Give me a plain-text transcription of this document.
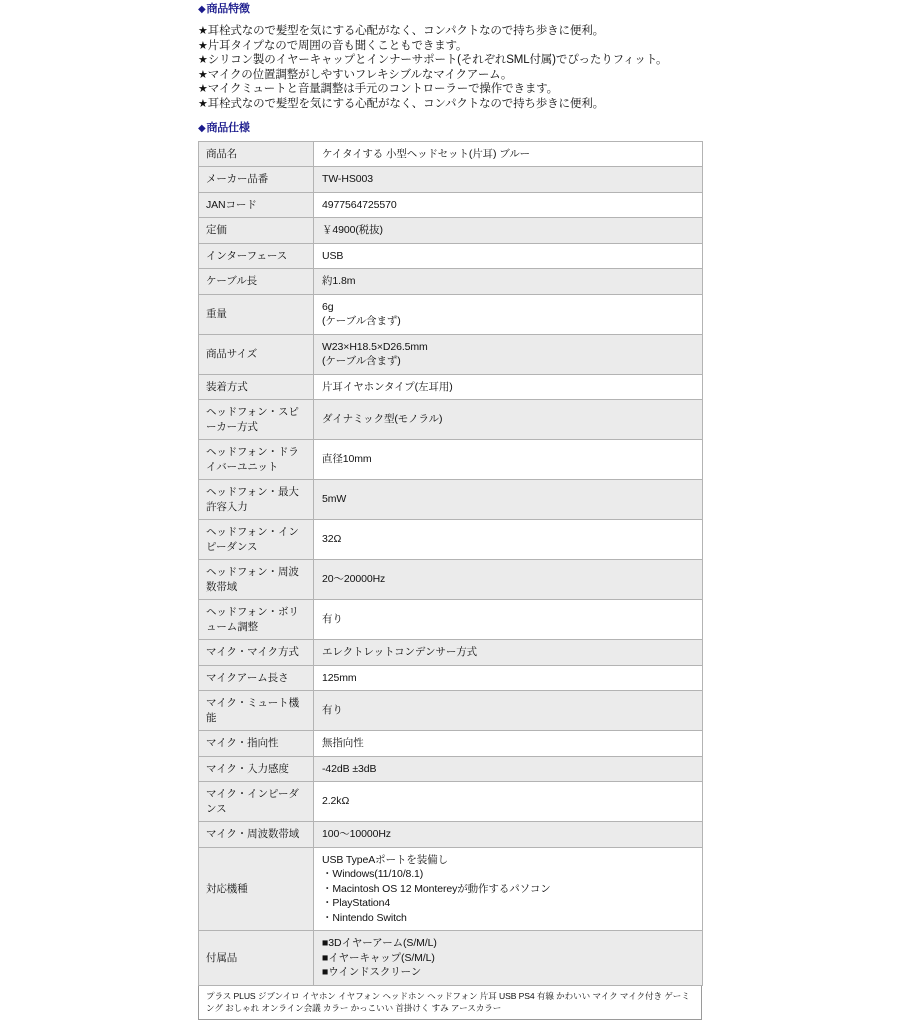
◆商品特徴
★耳栓式なので髪型を気にする心配がなく、コンパクトなので持ち歩きに便利。
★片耳タイプなので周囲の音も聞くこともできます。
★シリコン製のイヤーキャップとインナーサポート(それぞれSML付属)でぴったりフィット。
★マイクの位置調整がしやすいフレキシブルなマイクアーム。
★マイクミュートと音量調整は手元のコントローラーで操作できます。
★耳栓式なので髪型を気にする心配がなく、コンパクトなので持ち歩きに便利。
◆商品仕様
商品名	ケイタイする 小型ヘッドセット(片耳) ブルー

メーカー品番	TW-HS003

JANコード	4977564725570

定価	￥4900(税抜)

インターフェース	USB

ケーブル長	約1.8m

重量	6g
(ケーブル含まず)

商品サイズ	W23×H18.5×D26.5mm
(ケーブル含まず)

装着方式	片耳イヤホンタイプ(左耳用)

ヘッドフォン・スピーカー方式	ダイナミック型(モノラル)

ヘッドフォン・ドライバーユニット	直径10mm

ヘッドフォン・最大許容入力	5mW

ヘッドフォン・インピーダンス	32Ω

ヘッドフォン・周波数帯域	20〜20000Hz

ヘッドフォン・ボリューム調整	有り

マイク・マイク方式	エレクトレットコンデンサー方式

マイクアーム長さ	125mm

マイク・ミュート機能	有り

マイク・指向性	無指向性

マイク・入力感度	-42dB ±3dB

マイク・インピーダンス	2.2kΩ

マイク・周波数帯域	100〜10000Hz

対応機種	USB TypeAポートを装備し
・Windows(11/10/8.1)
・Macintosh OS 12 Montereyが動作するパソコン
・PlayStation4
・Nintendo Switch

付属品	■3Dイヤーアーム(S/M/L)
■イヤーキャップ(S/M/L)
■ウインドスクリーン
プラス PLUS ジブンイロ イヤホン イヤフォン ヘッドホン ヘッドフォン 片耳 USB PS4 有線 かわいい マイク マイク付き ゲーミング おしゃれ オンライン会議 カラー かっこいい 首掛けく すみ アースカラー
